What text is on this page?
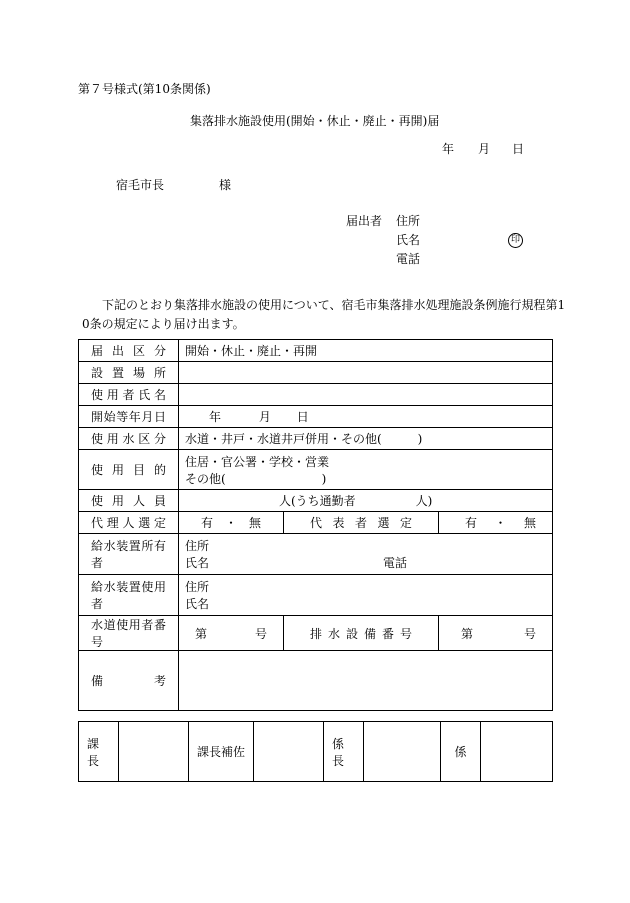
第７号様式(第10条関係)
集落排水施設使用(開始・休止・廃止・再開)届
年 月 日
宿毛市長	様
届出者 住所
氏名	印
電話
下記のとおり集落排水施設の使用について、宿毛市集落排水処理施設条例施行規程第1
0条の規定により届け出ます。
届出区分	開始・休止・廃止・再開		

設置場所			

使用者氏名			

開始等年月日	年 月 日		

使用水区分	水道・井戸・水道井戸併用・その他(　　　)		

使用目的	住居・官公署・学校・営業
その他(　　　　　　　　)		

使用人員	人(うち通勤者　　　　　人)		

代理人選定	有 ・ 無	代表者選定	有 ・ 無

給水装置所有者	住所
氏名 電話		

給水装置使用者	住所
氏名		

水道使用者番号	第 号	排水設備番号	第 号

備考			

課長		課長補佐		係長		係	
